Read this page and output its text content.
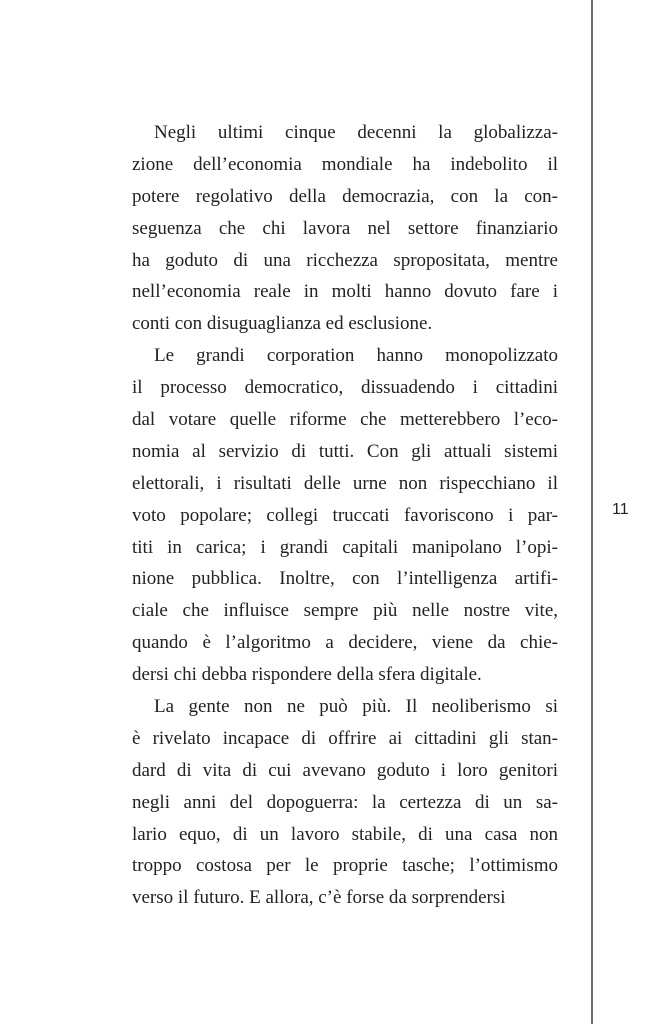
Negli ultimi cinque decenni la globalizza-
zione dell’economia mondiale ha indebolito il
potere regolativo della democrazia, con la con-
seguenza che chi lavora nel settore finanziario
ha goduto di una ricchezza spropositata, mentre
nell’economia reale in molti hanno dovuto fare i
conti con disuguaglianza ed esclusione.
Le grandi corporation hanno monopolizzato
il processo democratico, dissuadendo i cittadini
dal votare quelle riforme che metterebbero l’eco-
nomia al servizio di tutti. Con gli attuali sistemi
elettorali, i risultati delle urne non rispecchiano il
voto popolare; collegi truccati favoriscono i par-
titi in carica; i grandi capitali manipolano l’opi-
nione pubblica. Inoltre, con l’intelligenza artifi-
ciale che influisce sempre più nelle nostre vite,
quando è l’algoritmo a decidere, viene da chie-
dersi chi debba rispondere della sfera digitale.
La gente non ne può più. Il neoliberismo si
è rivelato incapace di offrire ai cittadini gli stan-
dard di vita di cui avevano goduto i loro genitori
negli anni del dopoguerra: la certezza di un sa-
lario equo, di un lavoro stabile, di una casa non
troppo costosa per le proprie tasche; l’ottimismo
verso il futuro. E allora, c’è forse da sorprendersi
11
